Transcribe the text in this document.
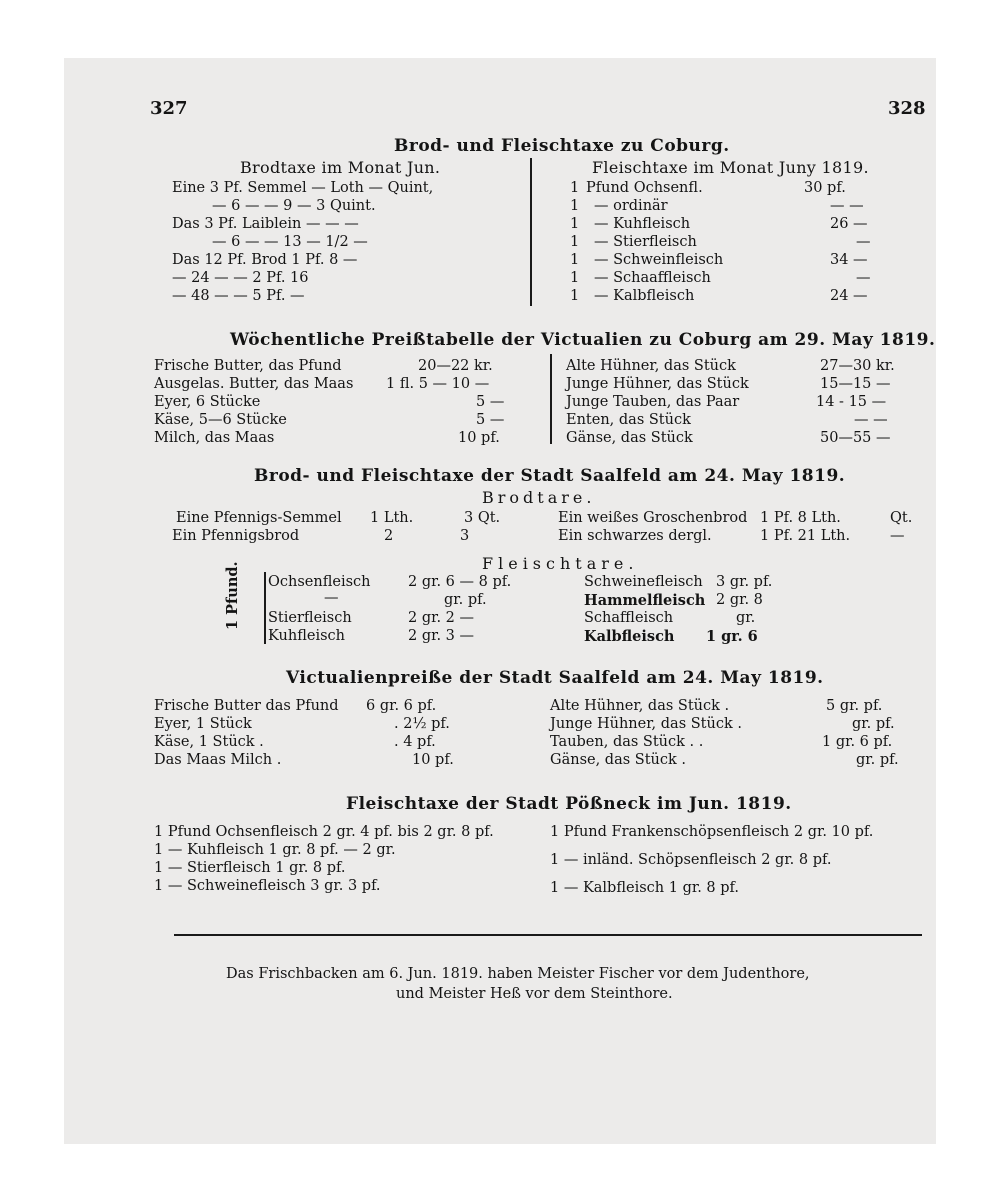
327	328
Brod- und Fleischtaxe zu Coburg.
Brodtaxe im Monat Jun.
Eine 3 Pf. Semmel — Loth — Quint,
— 6 — — 9 — 3 Quint.
Das 3 Pf. Laiblein — — —
— 6 — — 13 — 1/2 —
Das 12 Pf. Brod 1 Pf. 8 —
— 24 — — 2 Pf. 16
— 48 — — 5 Pf. —
Fleischtaxe im Monat Juny 1819.
1 Pfund Ochsenfl.	30 pf.
1 — ordinär	— —
1 — Kuhfleisch	26 —
1 — Stierfleisch	—
1 — Schweinfleisch	34 —
1 — Schaaffleisch	—
1 — Kalbfleisch	24 —
Wöchentliche Preißtabelle der Victualien zu Coburg am 29. May 1819.
Frische Butter, das Pfund	20—22 kr.
Ausgelas. Butter, das Maas 1 fl. 5 — 10 —
Eyer, 6 Stücke	5 —
Käse, 5—6 Stücke	5 —
Milch, das Maas	10 pf.
Alte Hühner, das Stück	27—30 kr.
Junge Hühner, das Stück	15—15 —
Junge Tauben, das Paar	14 - 15 —
Enten, das Stück	— —
Gänse, das Stück	50—55 —
Brod- und Fleischtaxe der Stadt Saalfeld am 24. May 1819.
Brodtare.
Eine Pfennigs-Semmel 1 Lth.	3 Qt.
Ein Pfennigsbrod	2	3
Ein weißes Groschenbrod 1 Pf. 8 Lth.	Qt.
Ein schwarzes dergl.	1 Pf. 21 Lth.	—
Fleischtare.
1 Pfund. Ochsenfleisch	2 gr. 6 — 8 pf.
—	gr. pf.
Stierfleisch	2 gr. 2 —
Kuhfleisch	2 gr. 3 —
Schweinefleisch 3 gr. pf.
Hammelfleisch 2 gr. 8
Schaffleisch	gr.
Kalbfleisch 1 gr. 6
Victualienpreiße der Stadt Saalfeld am 24. May 1819.
Frische Butter das Pfund 6 gr. 6 pf.
Eyer, 1 Stück	. 2½ pf.
Käse, 1 Stück .	. 4 pf.
Das Maas Milch .	10 pf.
Alte Hühner, das Stück .	5 gr. pf.
Junge Hühner, das Stück .	gr. pf.
Tauben, das Stück . .	1 gr. 6 pf.
Gänse, das Stück .	gr. pf.
Fleischtaxe der Stadt Pößneck im Jun. 1819.
1 Pfund Ochsenfleisch 2 gr. 4 pf. bis 2 gr. 8 pf.
1 — Kuhfleisch 1 gr. 8 pf. — 2 gr.
1 — Stierfleisch 1 gr. 8 pf.
1 — Schweinefleisch 3 gr. 3 pf.
1 Pfund Frankenschöpsenfleisch 2 gr. 10 pf.
1 — inländ. Schöpsenfleisch 2 gr. 8 pf.
1 — Kalbfleisch 1 gr. 8 pf.
Das Frischbacken am 6. Jun. 1819. haben Meister Fischer vor dem Judenthore,
und Meister Heß vor dem Steinthore.
